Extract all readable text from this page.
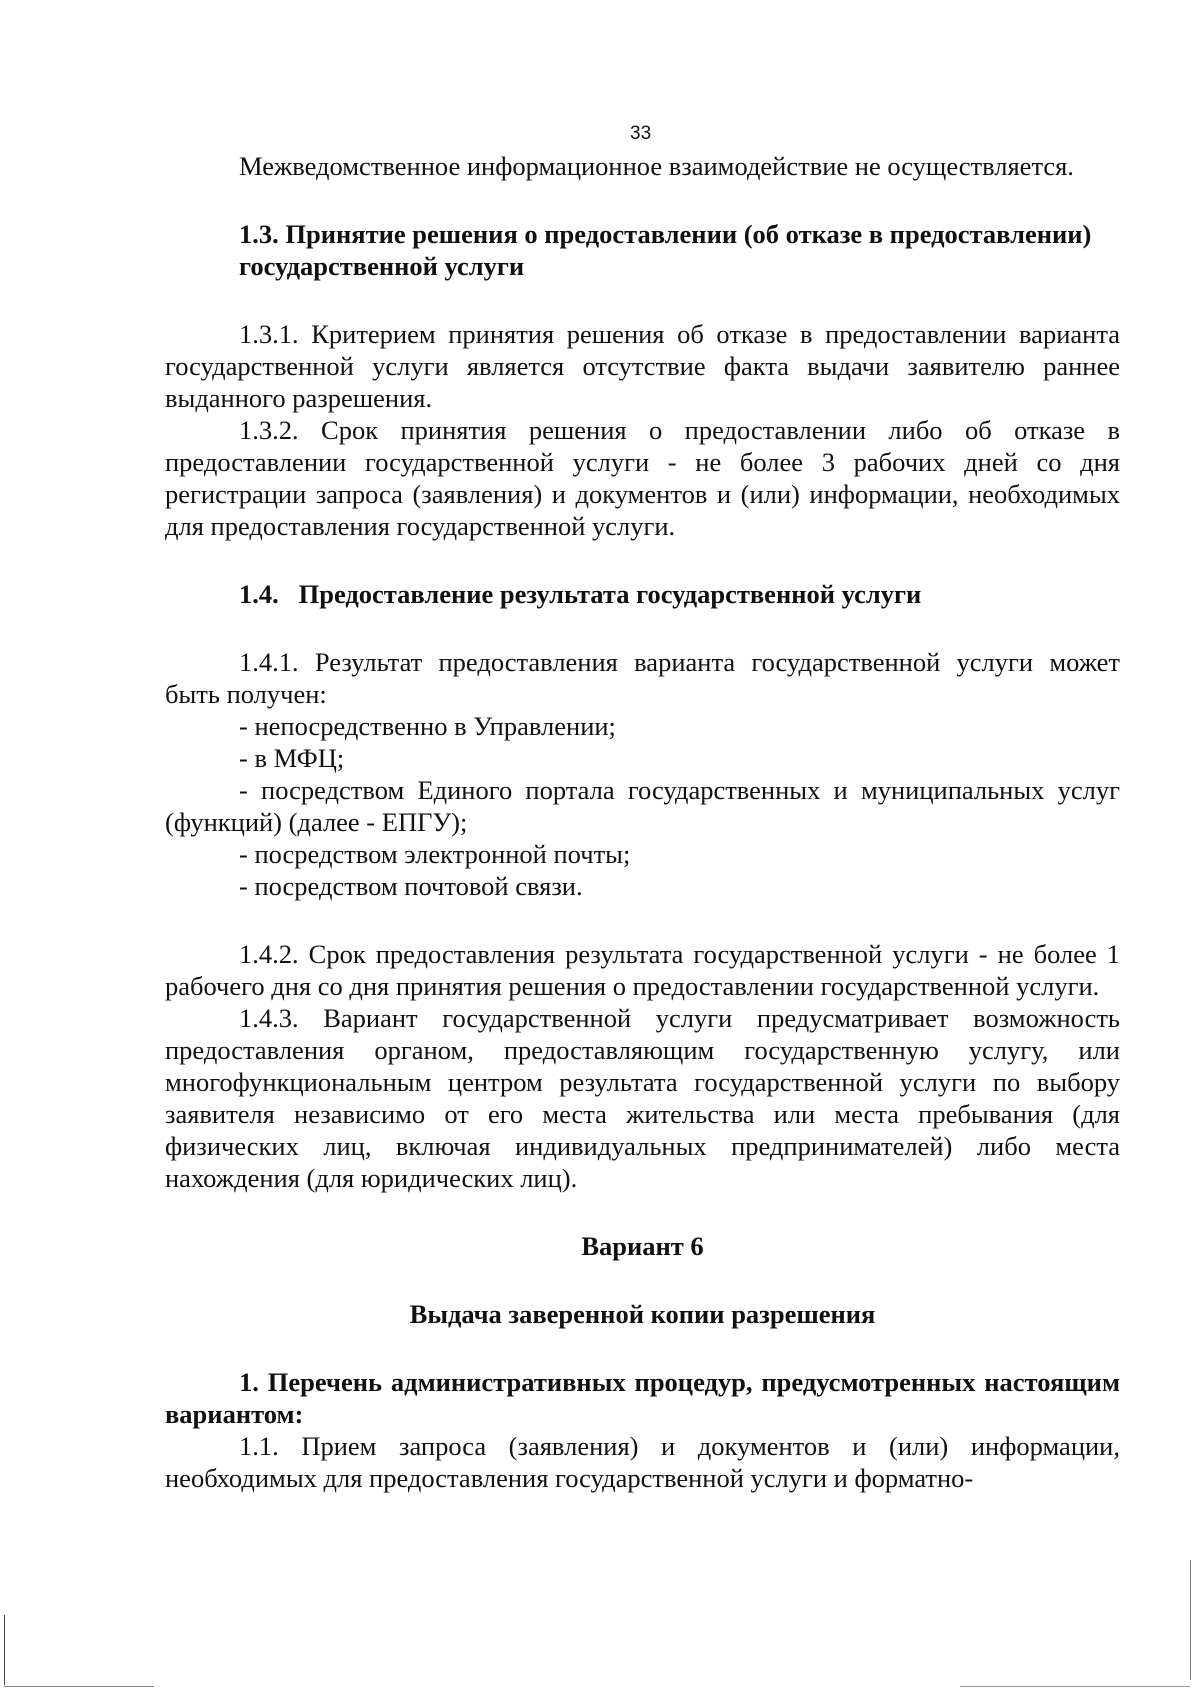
33

Межведомственное информационное взаимодействие не осуществляется.

1.3. Принятие решения о предоставлении (об отказе в предоставлении) государственной услуги

1.3.1. Критерием принятия решения об отказе в предоставлении варианта государственной услуги является отсутствие факта выдачи заявителю раннее выданного разрешения.

1.3.2. Срок принятия решения о предоставлении либо об отказе в предоставлении государственной услуги - не более 3 рабочих дней со дня регистрации запроса (заявления) и документов и (или) информации, необходимых для предоставления государственной услуги.

1.4.   Предоставление результата государственной услуги

1.4.1. Результат предоставления варианта государственной услуги может быть получен:

- непосредственно в Управлении;

- в МФЦ;

- посредством Единого портала государственных и муниципальных услуг (функций) (далее - ЕПГУ);

- посредством электронной почты;

- посредством почтовой связи.

1.4.2. Срок предоставления результата государственной услуги - не более 1 рабочего дня со дня принятия решения о предоставлении государственной услуги.

1.4.3. Вариант государственной услуги предусматривает возможность предоставления органом, предоставляющим государственную услугу, или многофункциональным центром результата государственной услуги по выбору заявителя независимо от его места жительства или места пребывания (для физических лиц, включая индивидуальных предпринимателей) либо места нахождения (для юридических лиц).

Вариант 6

Выдача заверенной копии разрешения

1. Перечень административных процедур, предусмотренных настоящим вариантом:

1.1. Прием запроса (заявления) и документов и (или) информации, необходимых для предоставления государственной услуги и форматно-
